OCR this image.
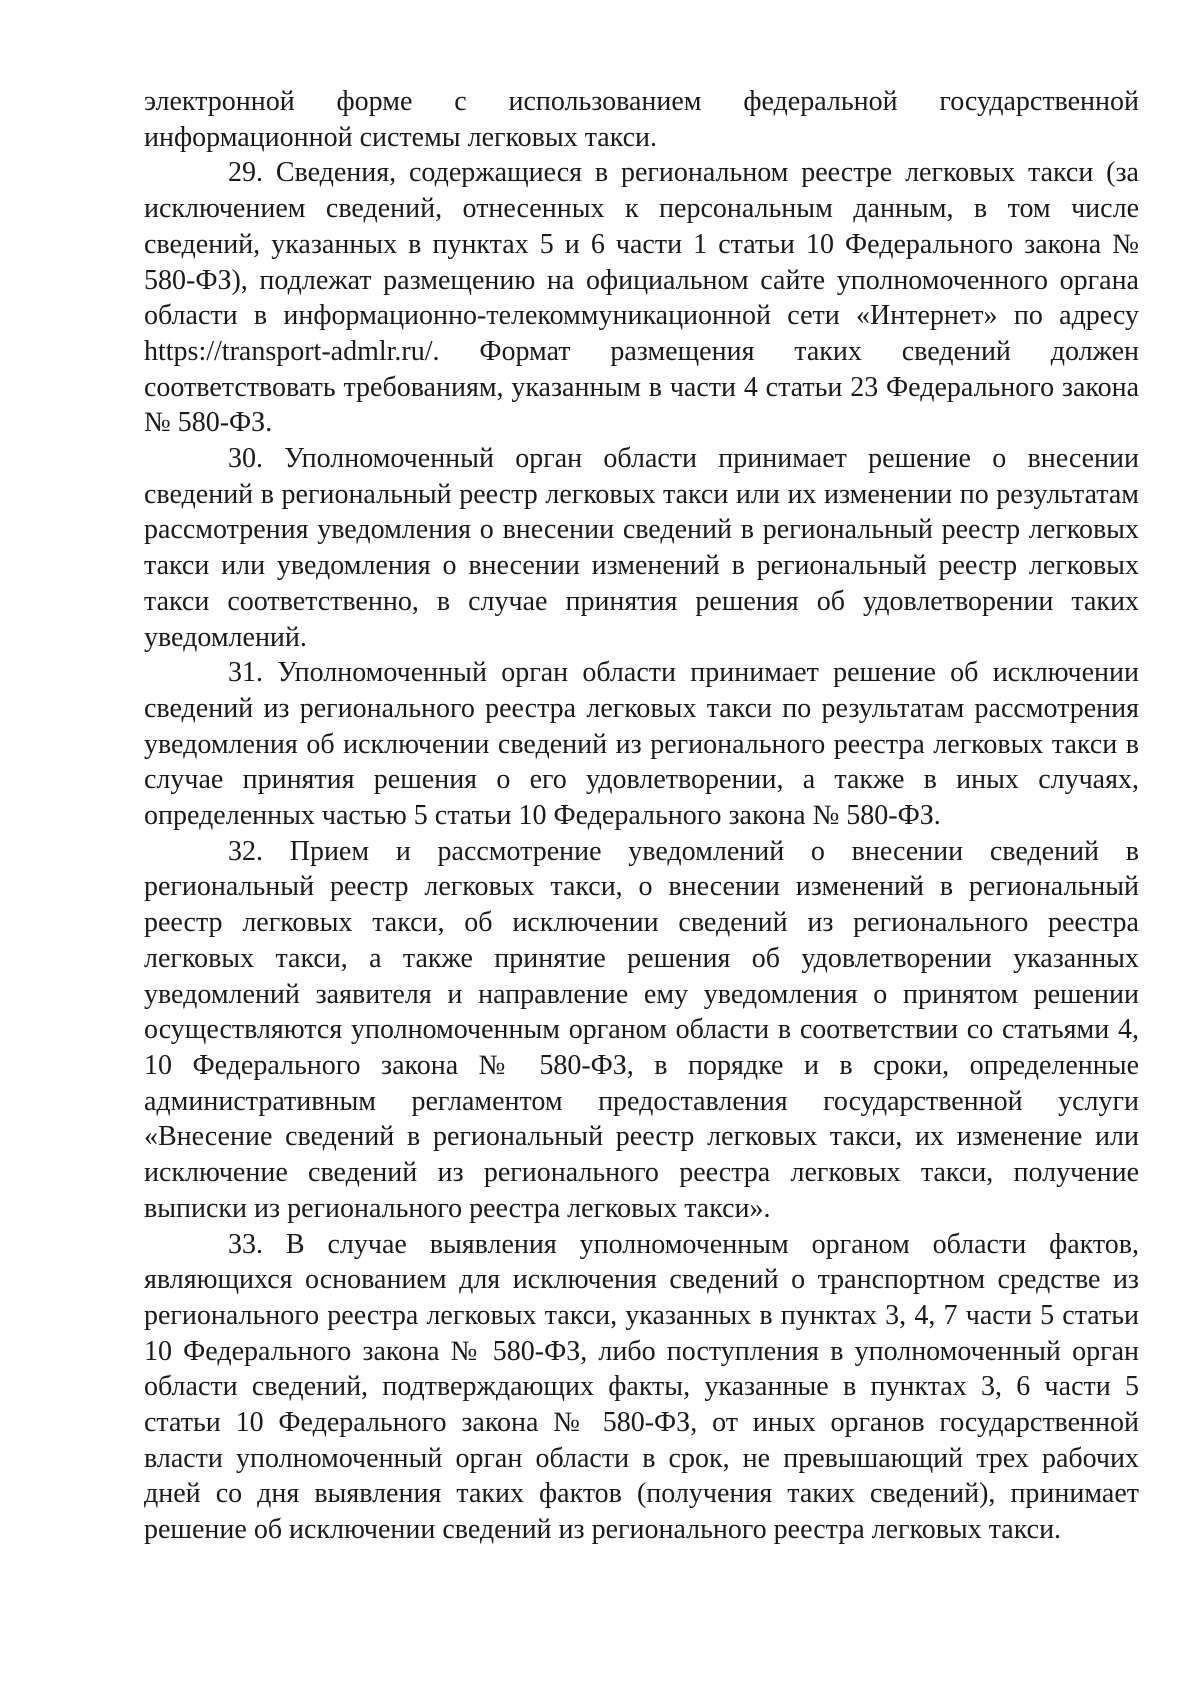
электронной форме с использованием федеральной государственной информационной системы легковых такси.

29. Сведения, содержащиеся в региональном реестре легковых такси (за исключением сведений, отнесенных к персональным данным, в том числе сведений, указанных в пунктах 5 и 6 части 1 статьи 10 Федерального закона № 580-ФЗ), подлежат размещению на официальном сайте уполномоченного органа области в информационно-телекоммуникационной сети «Интернет» по адресу https://transport-admlr.ru/. Формат размещения таких сведений должен соответствовать требованиям, указанным в части 4 статьи 23 Федерального закона № 580-ФЗ.

30. Уполномоченный орган области принимает решение о внесении сведений в региональный реестр легковых такси или их изменении по результатам рассмотрения уведомления о внесении сведений в региональный реестр легковых такси или уведомления о внесении изменений в региональный реестр легковых такси соответственно, в случае принятия решения об удовлетворении таких уведомлений.

31. Уполномоченный орган области принимает решение об исключении сведений из регионального реестра легковых такси по результатам рассмотрения уведомления об исключении сведений из регионального реестра легковых такси в случае принятия решения о его удовлетворении, а также в иных случаях, определенных частью 5 статьи 10 Федерального закона № 580-ФЗ.

32. Прием и рассмотрение уведомлений о внесении сведений в региональный реестр легковых такси, о внесении изменений в региональный реестр легковых такси, об исключении сведений из регионального реестра легковых такси, а также принятие решения об удовлетворении указанных уведомлений заявителя и направление ему уведомления о принятом решении осуществляются уполномоченным органом области в соответствии со статьями 4, 10 Федерального закона № 580-ФЗ, в порядке и в сроки, определенные административным регламентом предоставления государственной услуги «Внесение сведений в региональный реестр легковых такси, их изменение или исключение сведений из регионального реестра легковых такси, получение выписки из регионального реестра легковых такси».

33. В случае выявления уполномоченным органом области фактов, являющихся основанием для исключения сведений о транспортном средстве из регионального реестра легковых такси, указанных в пунктах 3, 4, 7 части 5 статьи 10 Федерального закона № 580-ФЗ, либо поступления в уполномоченный орган области сведений, подтверждающих факты, указанные в пунктах 3, 6 части 5 статьи 10 Федерального закона № 580-ФЗ, от иных органов государственной власти уполномоченный орган области в срок, не превышающий трех рабочих дней со дня выявления таких фактов (получения таких сведений), принимает решение об исключении сведений из регионального реестра легковых такси.
